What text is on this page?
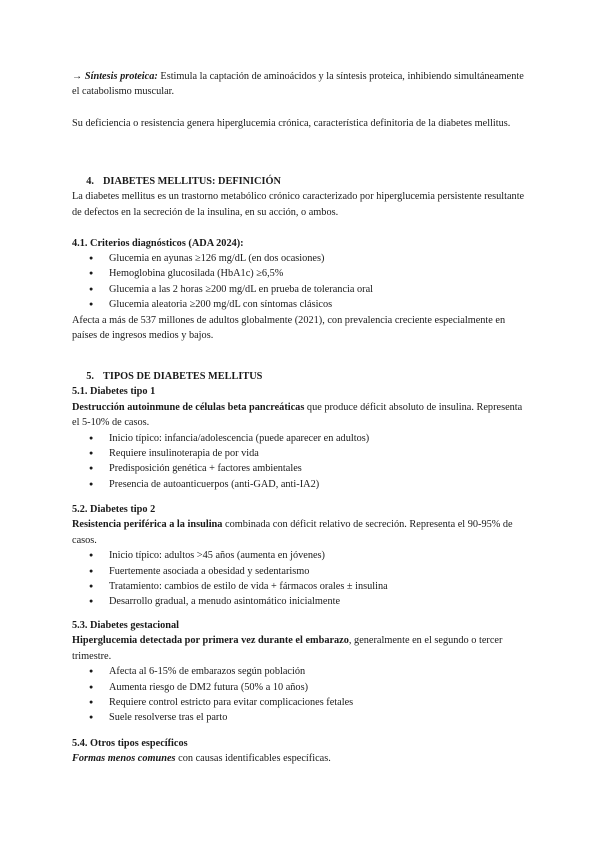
→ Síntesis proteica: Estimula la captación de aminoácidos y la síntesis proteica, inhibiendo simultáneamente el catabolismo muscular.

Su deficiencia o resistencia genera hiperglucemia crónica, característica definitoria de la diabetes mellitus.

4. DIABETES MELLITUS: DEFINICIÓN

La diabetes mellitus es un trastorno metabólico crónico caracterizado por hiperglucemia persistente resultante de defectos en la secreción de la insulina, en su acción, o ambos.

4.1. Criterios diagnósticos (ADA 2024):

● Glucemia en ayunas ≥126 mg/dL (en dos ocasiones)
● Hemoglobina glucosilada (HbA1c) ≥6,5%
● Glucemia a las 2 horas ≥200 mg/dL en prueba de tolerancia oral
● Glucemia aleatoria ≥200 mg/dL con síntomas clásicos

Afecta a más de 537 millones de adultos globalmente (2021), con prevalencia creciente especialmente en países de ingresos medios y bajos.

5. TIPOS DE DIABETES MELLITUS

5.1. Diabetes tipo 1

Destrucción autoinmune de células beta pancreáticas que produce déficit absoluto de insulina. Representa el 5-10% de casos.

● Inicio típico: infancia/adolescencia (puede aparecer en adultos)
● Requiere insulinoterapia de por vida
● Predisposición genética + factores ambientales
● Presencia de autoanticuerpos (anti-GAD, anti-IA2)

5.2. Diabetes tipo 2

Resistencia periférica a la insulina combinada con déficit relativo de secreción. Representa el 90-95% de casos.

● Inicio típico: adultos >45 años (aumenta en jóvenes)
● Fuertemente asociada a obesidad y sedentarismo
● Tratamiento: cambios de estilo de vida + fármacos orales ± insulina
● Desarrollo gradual, a menudo asintomático inicialmente

5.3. Diabetes gestacional

Hiperglucemia detectada por primera vez durante el embarazo, generalmente en el segundo o tercer trimestre.

● Afecta al 6-15% de embarazos según población
● Aumenta riesgo de DM2 futura (50% a 10 años)
● Requiere control estricto para evitar complicaciones fetales
● Suele resolverse tras el parto

5.4. Otros tipos específicos

Formas menos comunes con causas identificables específicas.
